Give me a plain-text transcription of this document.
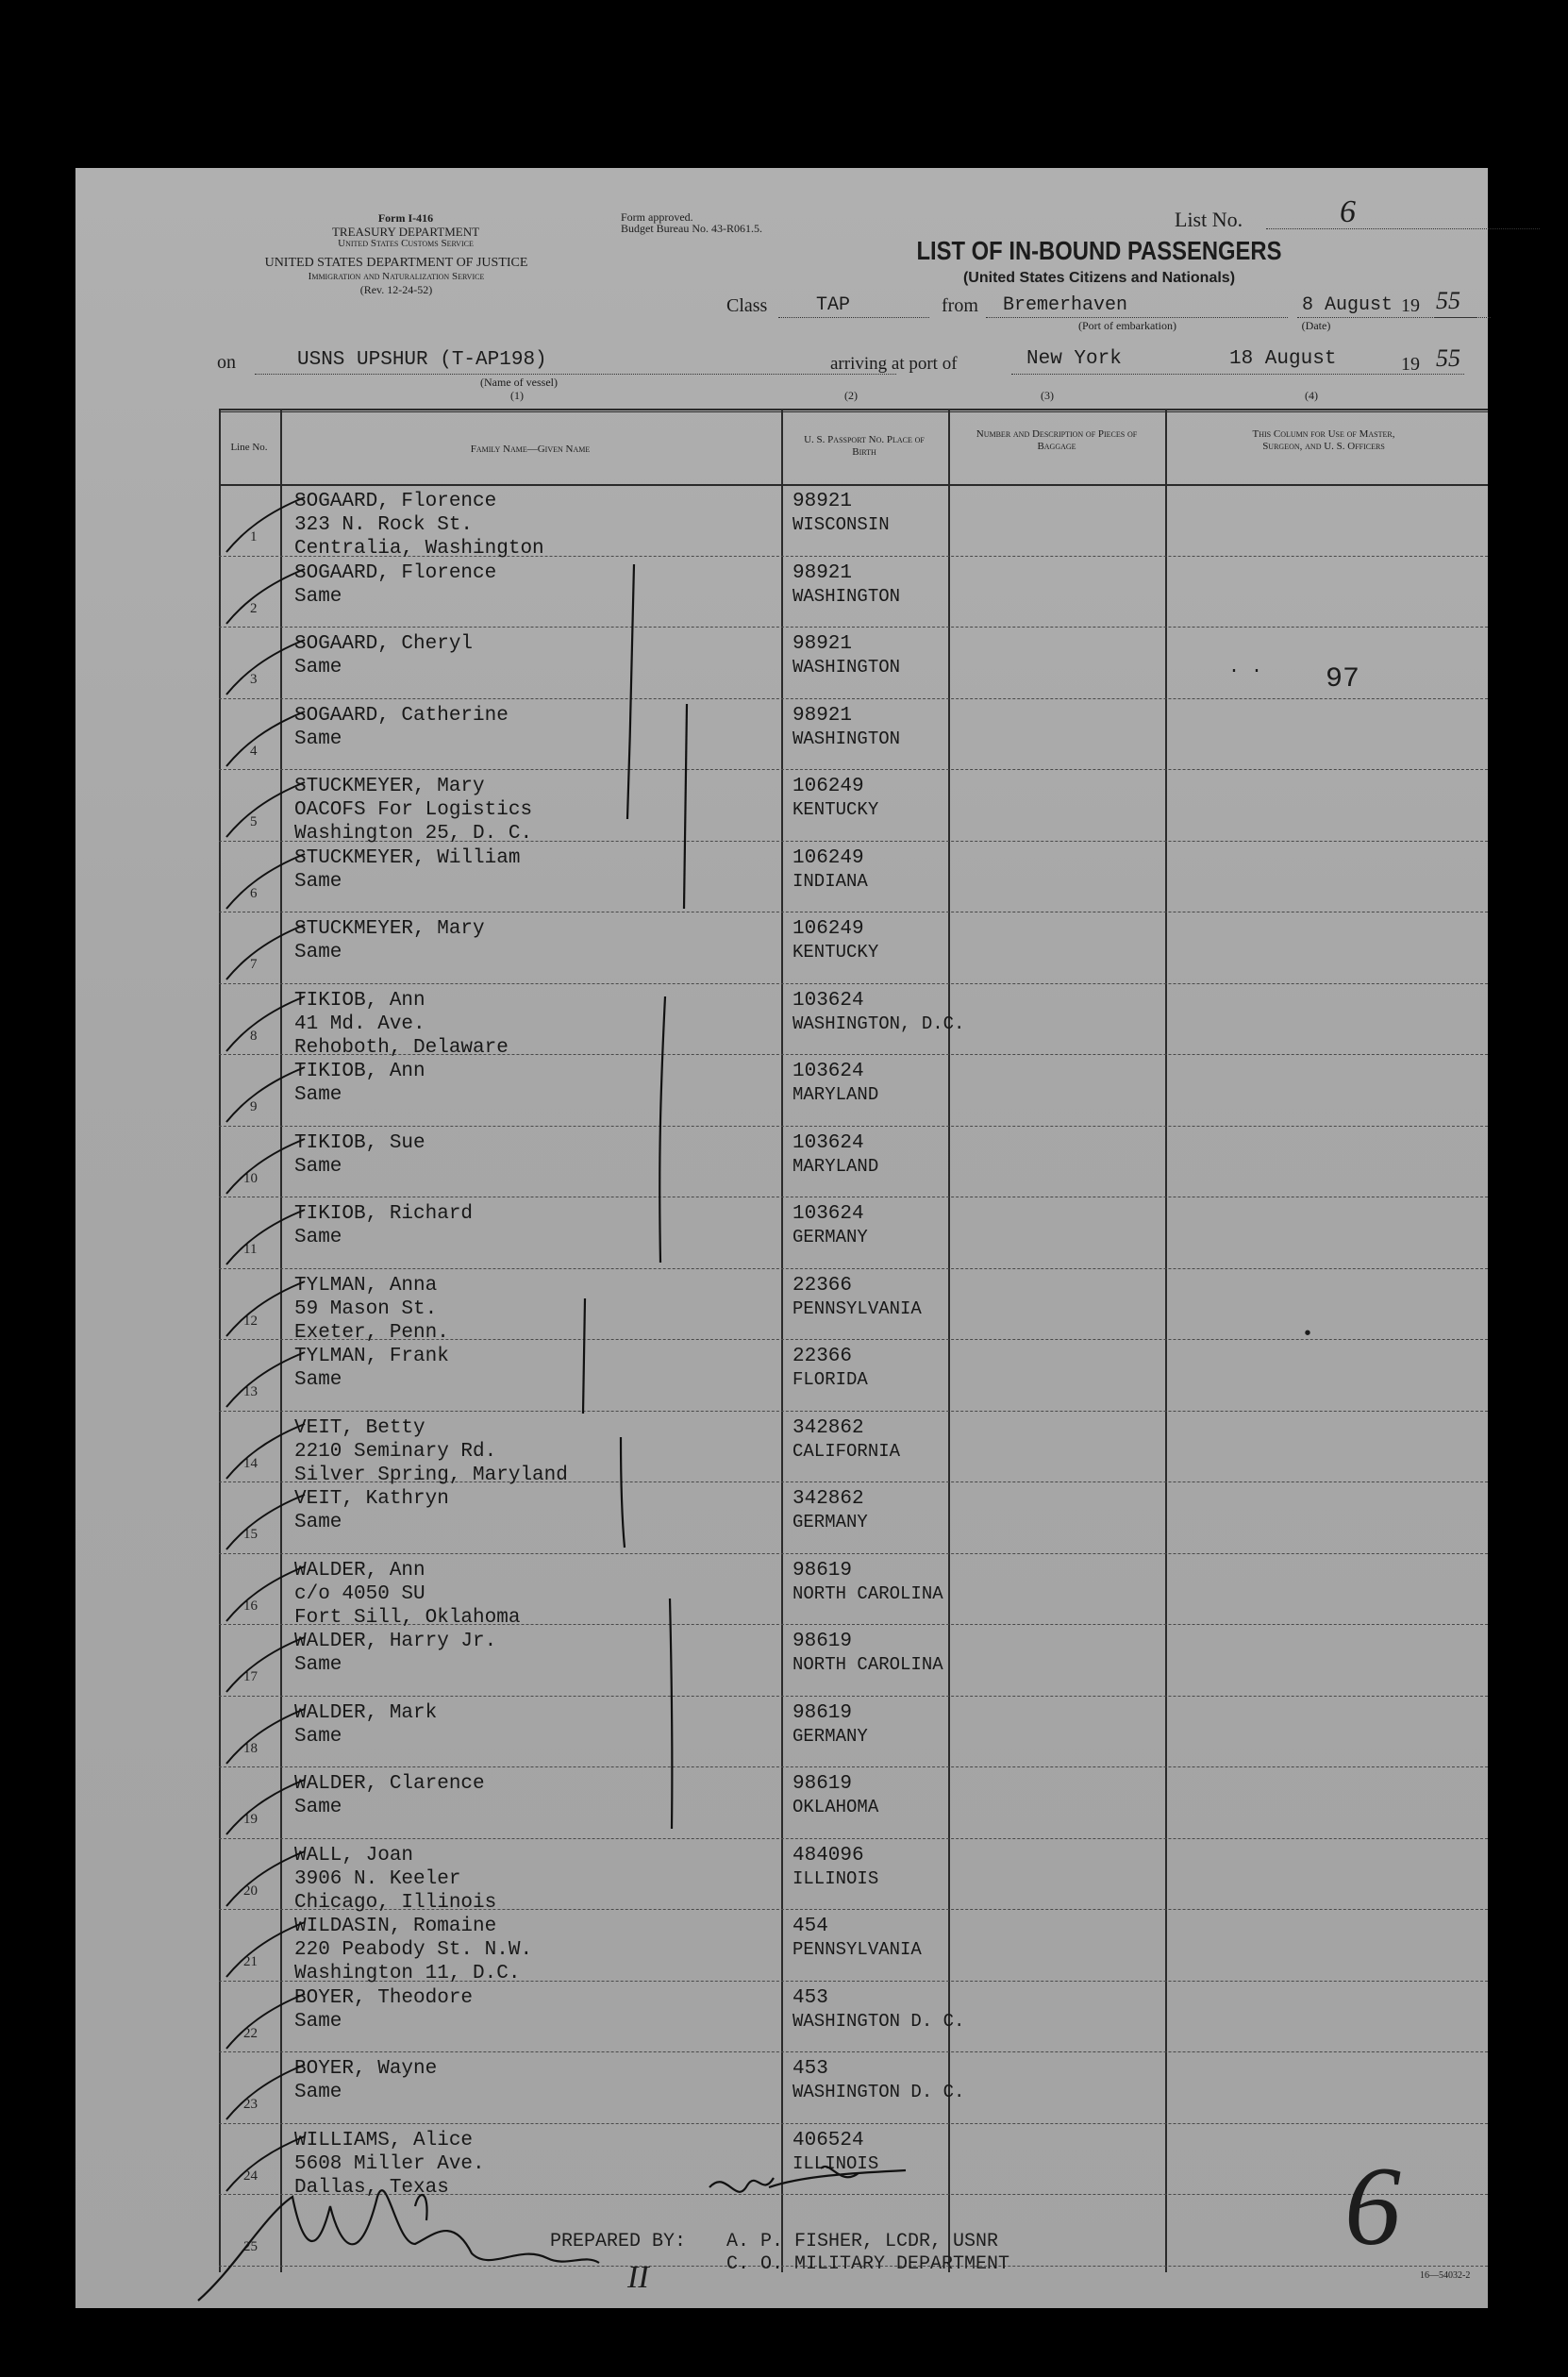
Form I-416
TREASURY DEPARTMENT
United States Customs Service
UNITED STATES DEPARTMENT OF JUSTICE
Immigration and Naturalization Service
(Rev. 12-24-52)
Form approved.
Budget Bureau No. 43-R061.5.	List No.	6
LIST OF IN-BOUND PASSENGERS
(United States Citizens and Nationals)
Class	TAP	from Bremerhaven
(Port of embarkation)
8 August
(Date)
19 55
on	USNS UPSHUR (T-AP198)
(Name of vessel)
arriving at port of	New York	18 August	19 55
(1)	(2)	(3)	(4)
Line No.	Family Name—Given Name
U. S. Passport No. Place of Birth
Number and Description of Pieces of Baggage
This Column for Use of Master, Surgeon, and U. S. Officers
1
SOGAARD, Florence
323 N. Rock St.
Centralia, Washington
98921
WISCONSIN
2
SOGAARD, Florence
Same
98921
WASHINGTON
3
SOGAARD, Cheryl
Same
98921
WASHINGTON
4
SOGAARD, Catherine
Same
98921
WASHINGTON
5
STUCKMEYER, Mary
OACOFS For Logistics
Washington 25, D. C.
106249
KENTUCKY
6
STUCKMEYER, William
Same
106249
INDIANA
7
STUCKMEYER, Mary
Same
106249
KENTUCKY
8
TIKIOB, Ann
41 Md. Ave.
Rehoboth, Delaware
103624
WASHINGTON, D.C.
9
TIKIOB, Ann
Same
103624
MARYLAND
10
TIKIOB, Sue
Same
103624
MARYLAND
11
TIKIOB, Richard
Same
103624
GERMANY
12
TYLMAN, Anna
59 Mason St.
Exeter, Penn.
22366
PENNSYLVANIA
13
TYLMAN, Frank
Same
22366
FLORIDA
14
VEIT, Betty
2210 Seminary Rd.
Silver Spring, Maryland
342862
CALIFORNIA
15
VEIT, Kathryn
Same
342862
GERMANY
16
WALDER, Ann
c/o 4050 SU
Fort Sill, Oklahoma
98619
NORTH CAROLINA
17
WALDER, Harry Jr.
Same
98619
NORTH CAROLINA
18
WALDER, Mark
Same
98619
GERMANY
19
WALDER, Clarence
Same
98619
OKLAHOMA
20
WALL, Joan
3906 N. Keeler
Chicago, Illinois
484096
ILLINOIS
21
WILDASIN, Romaine
220 Peabody St. N.W.
Washington 11, D.C.
454
PENNSYLVANIA
22
BOYER, Theodore
Same
453
WASHINGTON D. C.
23
BOYER, Wayne
Same
453
WASHINGTON D. C.
24
WILLIAMS, Alice
5608 Miller Ave.
Dallas, Texas
406524
ILLINOIS
25
97
· ·
•
PREPARED BY: A. P. FISHER, LCDR, USNR
C. O. MILITARY DEPARTMENT
II
6
16—54032-2
